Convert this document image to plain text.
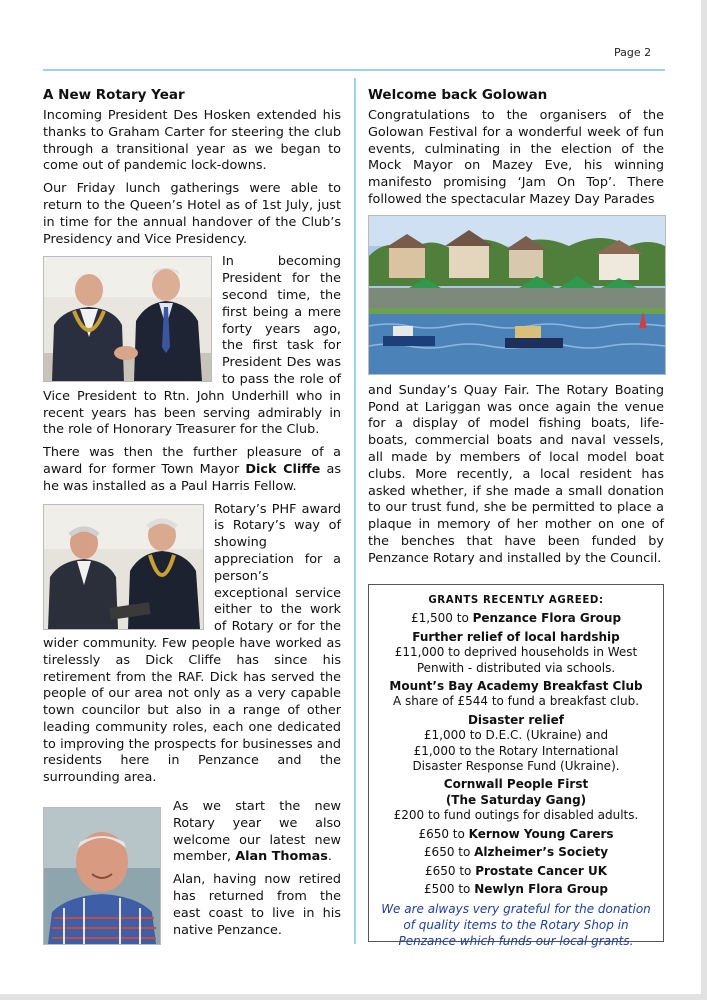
Page 2
A New Rotary Year

Incoming President Des Hosken extended his thanks to Graham Carter for steering the club through a transitional year as we began to come out of pandemic lock-downs.

Our Friday lunch gatherings were able to return to the Queen’s Hotel as of 1st July, just in time for the annual handover of the Club’s Presidency and Vice Presidency.

In becoming President for the second time, the first being a mere forty years ago, the first task for President Des was to pass the role of Vice President to Rtn. John Underhill who in recent years has been serving admirably in the role of Honorary Treasurer for the Club.

There was then the further pleasure of a award for former Town Mayor Dick Cliffe as he was installed as a Paul Harris Fellow.

Rotary’s PHF award is Rotary’s way of showing appreciation for a person’s exceptional service either to the work of Rotary or for the wider community. Few people have worked as tirelessly as Dick Cliffe has since his retirement from the RAF. Dick has served the people of our area not only as a very capable town councilor but also in a range of other leading community roles, each one dedicated to improving the prospects for businesses and residents here in Penzance and the surrounding area.

As we start the new Rotary year we also welcome our latest new member, Alan Thomas.

Alan, having now retired has returned from the east coast to live in his native Penzance.

Welcome back Golowan

Congratulations to the organisers of the Golowan Festival for a wonderful week of fun events, culminating in the election of the Mock Mayor on Mazey Eve, his winning manifesto promising ‘Jam On Top’. There followed the spectacular Mazey Day Parades

and Sunday’s Quay Fair. The Rotary Boating Pond at Lariggan was once again the venue for a display of model fishing boats, life-boats, commercial boats and naval vessels, all made by members of local model boat clubs. More recently, a local resident has asked whether, if she made a small donation to our trust fund, she be permitted to place a plaque in memory of her mother on one of the benches that have been funded by Penzance Rotary and installed by the Council.

GRANTS RECENTLY AGREED:
£1,500 to Penzance Flora Group
Further relief of local hardship
£11,000 to deprived households in West
Penwith - distributed via schools.
Mount’s Bay Academy Breakfast Club
A share of £544 to fund a breakfast club.
Disaster relief
£1,000 to D.E.C. (Ukraine) and
£1,000 to the Rotary International
Disaster Response Fund (Ukraine).
Cornwall People First
(The Saturday Gang)
£200 to fund outings for disabled adults.
£650 to Kernow Young Carers
£650 to Alzheimer’s Society
£650 to Prostate Cancer UK
£500 to Newlyn Flora Group
We are always very grateful for the donation of quality items to the Rotary Shop in Penzance which funds our local grants.
